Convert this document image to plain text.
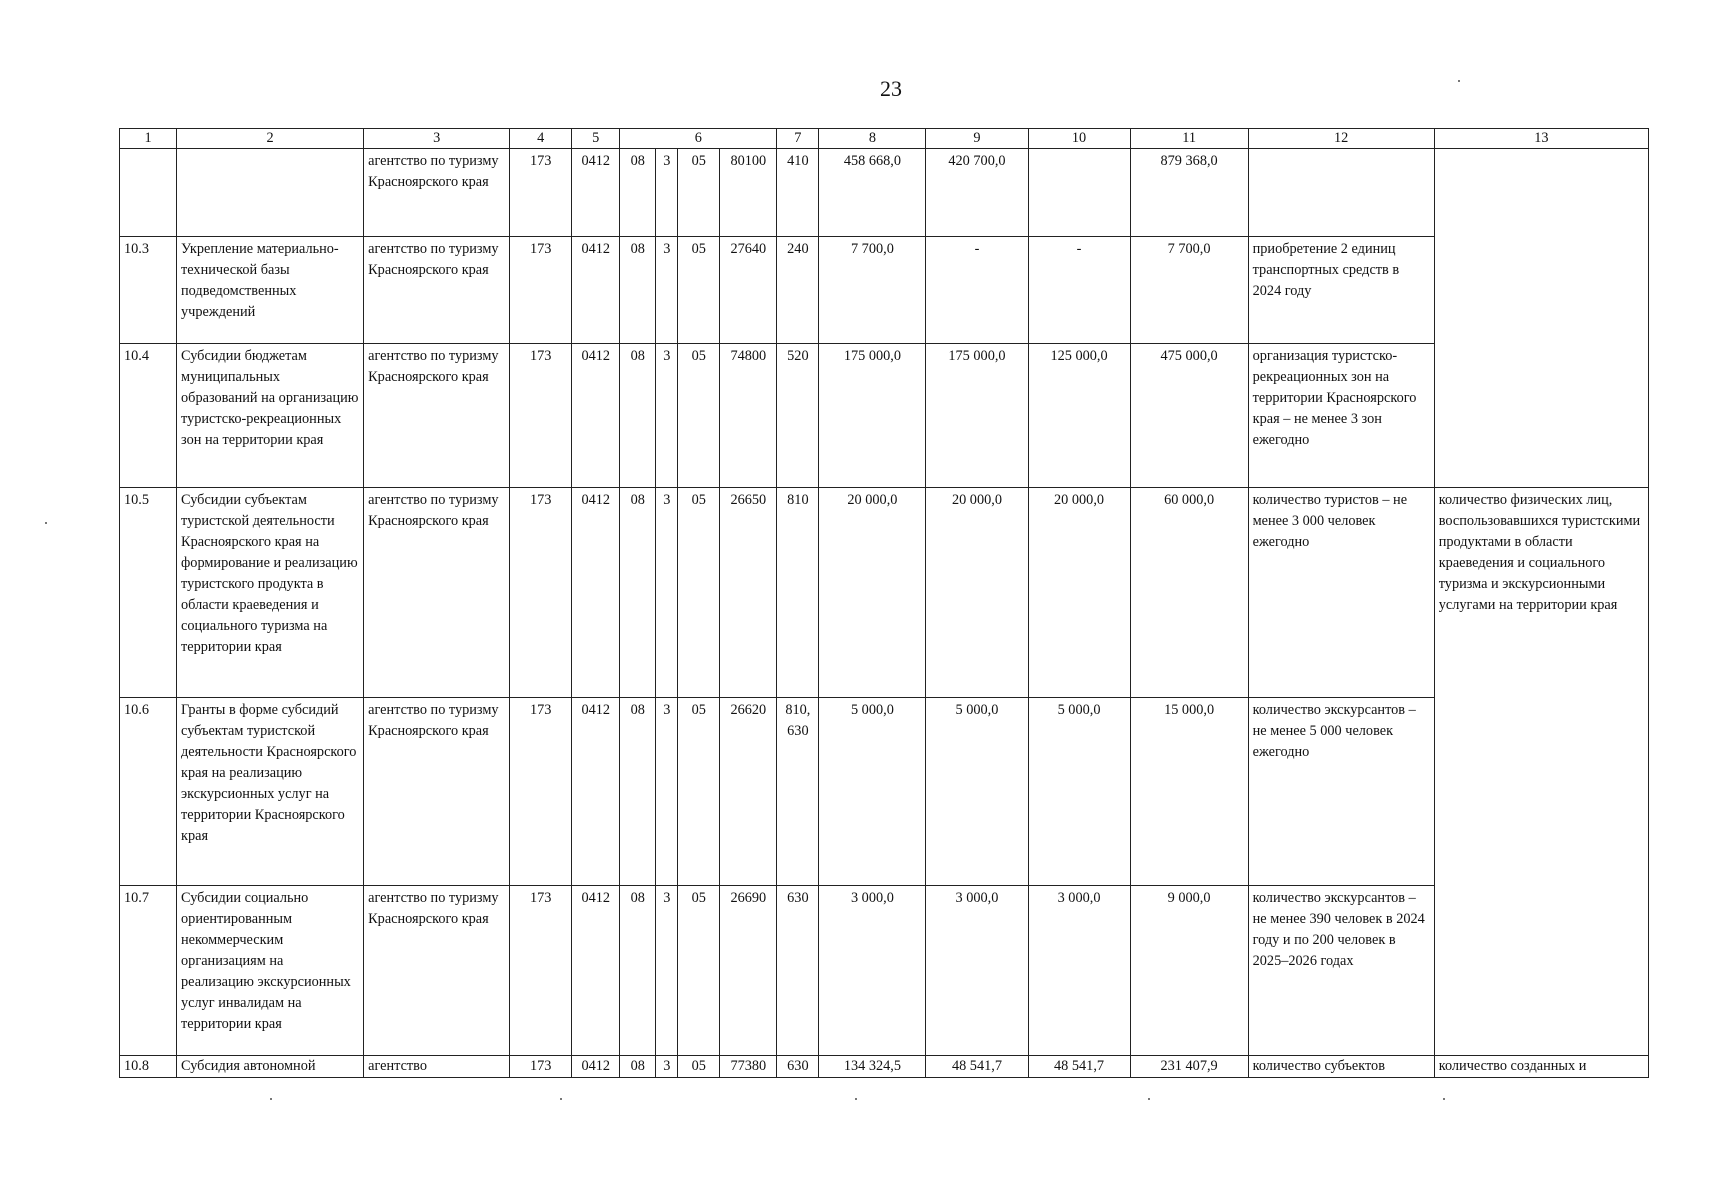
23
1	2	3	4	5	6				7	8	9	10	11	12	13
		агентство по туризму Красноярского края	173	0412	08	3	05	80100	410	458 668,0	420 700,0		879 368,0		
10.3	Укрепление материально-технической базы подведомственных учреждений	агентство по туризму Красноярского края	173	0412	08	3	05	27640	240	7 700,0	-	-	7 700,0	приобретение 2 единиц транспортных средств в 2024 году	
10.4	Субсидии бюджетам муниципальных образований на организацию туристско-рекреационных зон на территории края	агентство по туризму Красноярского края	173	0412	08	3	05	74800	520	175 000,0	175 000,0	125 000,0	475 000,0	организация туристско-рекреационных зон на территории Красноярского края – не менее 3 зон ежегодно	
10.5	Субсидии субъектам туристской деятельности Красноярского края на формирование и реализацию туристского продукта в области краеведения и социального туризма на территории края	агентство по туризму Красноярского края	173	0412	08	3	05	26650	810	20 000,0	20 000,0	20 000,0	60 000,0	количество туристов – не менее 3 000 человек ежегодно	количество физических лиц, воспользовавшихся туристскими продуктами в области краеведения и социального туризма и экскурсионными услугами на территории края
10.6	Гранты в форме субсидий субъектам туристской деятельности Красноярского края на реализацию экскурсионных услуг на территории Красноярского края	агентство по туризму Красноярского края	173	0412	08	3	05	26620	810, 630	5 000,0	5 000,0	5 000,0	15 000,0	количество экскурсантов – не менее 5 000 человек ежегодно	
10.7	Субсидии социально ориентированным некоммерческим организациям на реализацию экскурсионных услуг инвалидам на территории края	агентство по туризму Красноярского края	173	0412	08	3	05	26690	630	3 000,0	3 000,0	3 000,0	9 000,0	количество экскурсантов – не менее 390 человек в 2024 году и по 200 человек в 2025–2026 годах	
10.8	Субсидия автономной	агентство	173	0412	08	3	05	77380	630	134 324,5	48 541,7	48 541,7	231 407,9	количество субъектов	количество созданных и
